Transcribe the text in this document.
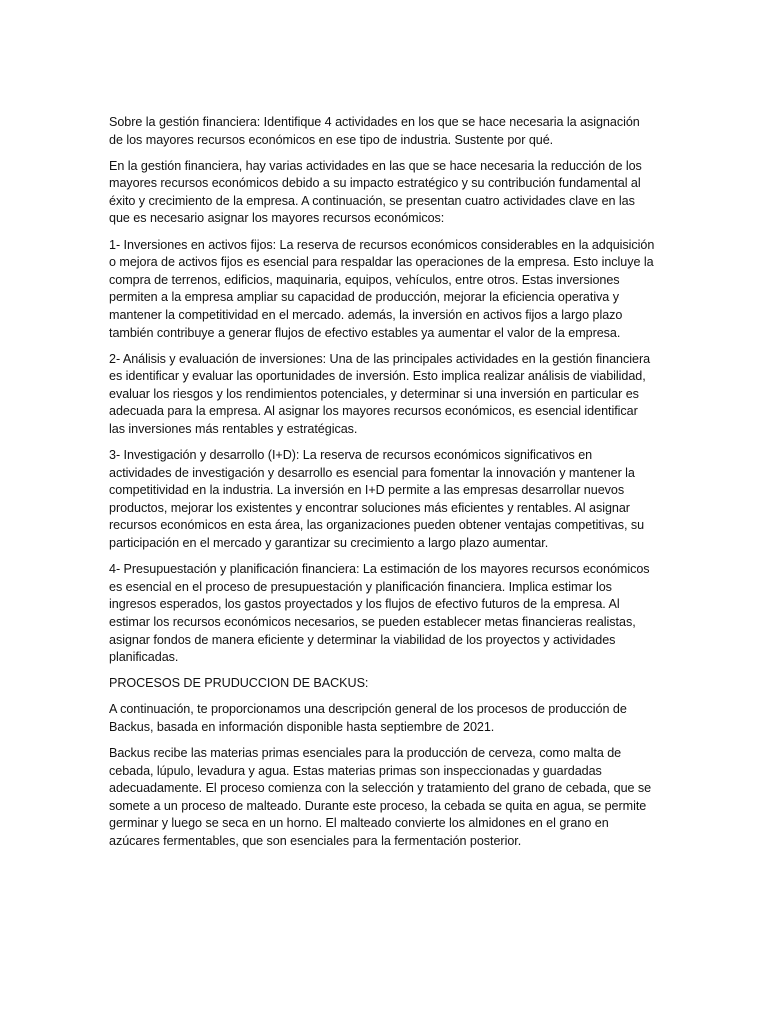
Sobre la gestión financiera: Identifique 4 actividades en los que se hace necesaria la asignación de los mayores recursos económicos en ese tipo de industria. Sustente por qué.

En la gestión financiera, hay varias actividades en las que se hace necesaria la reducción de los mayores recursos económicos debido a su impacto estratégico y su contribución fundamental al éxito y crecimiento de la empresa. A continuación, se presentan cuatro actividades clave en las que es necesario asignar los mayores recursos económicos:

1- Inversiones en activos fijos: La reserva de recursos económicos considerables en la adquisición o mejora de activos fijos es esencial para respaldar las operaciones de la empresa. Esto incluye la compra de terrenos, edificios, maquinaria, equipos, vehículos, entre otros. Estas inversiones permiten a la empresa ampliar su capacidad de producción, mejorar la eficiencia operativa y mantener la competitividad en el mercado. además, la inversión en activos fijos a largo plazo también contribuye a generar flujos de efectivo estables ya aumentar el valor de la empresa.

2- Análisis y evaluación de inversiones: Una de las principales actividades en la gestión financiera es identificar y evaluar las oportunidades de inversión. Esto implica realizar análisis de viabilidad, evaluar los riesgos y los rendimientos potenciales, y determinar si una inversión en particular es adecuada para la empresa. Al asignar los mayores recursos económicos, es esencial identificar las inversiones más rentables y estratégicas.

3- Investigación y desarrollo (I+D): La reserva de recursos económicos significativos en actividades de investigación y desarrollo es esencial para fomentar la innovación y mantener la competitividad en la industria. La inversión en I+D permite a las empresas desarrollar nuevos productos, mejorar los existentes y encontrar soluciones más eficientes y rentables. Al asignar recursos económicos en esta área, las organizaciones pueden obtener ventajas competitivas, su participación en el mercado y garantizar su crecimiento a largo plazo aumentar.

4- Presupuestación y planificación financiera: La estimación de los mayores recursos económicos es esencial en el proceso de presupuestación y planificación financiera. Implica estimar los ingresos esperados, los gastos proyectados y los flujos de efectivo futuros de la empresa. Al estimar los recursos económicos necesarios, se pueden establecer metas financieras realistas, asignar fondos de manera eficiente y determinar la viabilidad de los proyectos y actividades planificadas.

PROCESOS DE PRUDUCCION DE BACKUS:

A continuación, te proporcionamos una descripción general de los procesos de producción de Backus, basada en información disponible hasta septiembre de 2021.

Backus recibe las materias primas esenciales para la producción de cerveza, como malta de cebada, lúpulo, levadura y agua. Estas materias primas son inspeccionadas y guardadas adecuadamente. El proceso comienza con la selección y tratamiento del grano de cebada, que se somete a un proceso de malteado. Durante este proceso, la cebada se quita en agua, se permite germinar y luego se seca en un horno. El malteado convierte los almidones en el grano en azúcares fermentables, que son esenciales para la fermentación posterior.
